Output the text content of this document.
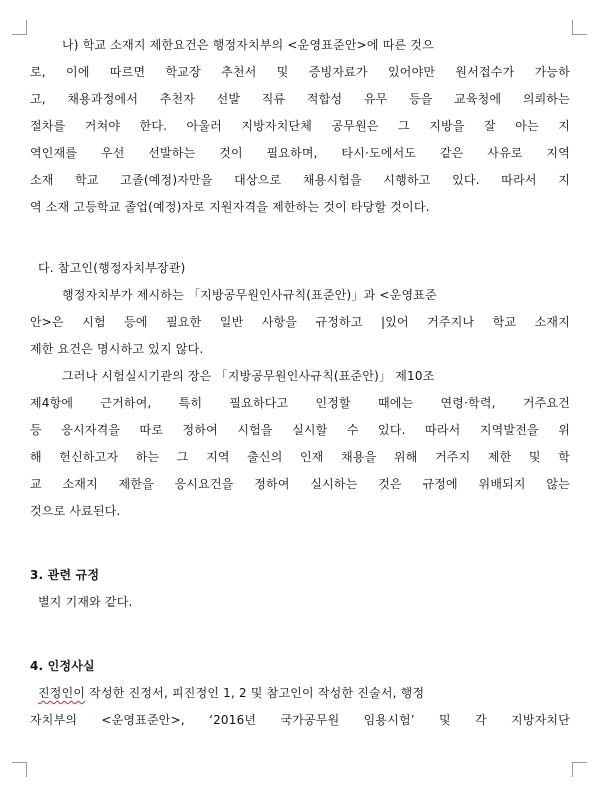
나) 학교 소재지 제한요건은 행정자치부의 <운영표준안>에 따른 것으
로, 이에 따르면 학교장 추천서 및 증빙자료가 있어야만 원서접수가 가능하
고, 채용과정에서 추천자 선발 직류 적합성 유무 등을 교육청에 의뢰하는
절차를 거쳐야 한다. 아울러 지방자치단체 공무원은 그 지방을 잘 아는 지
역인재를 우선 선발하는 것이 필요하며, 타시·도에서도 같은 사유로 지역
소재 학교 고졸(예정)자만을 대상으로 채용시험을 시행하고 있다. 따라서 지
역 소재 고등학교 졸업(예정)자로 지원자격을 제한하는 것이 타당할 것이다.
다. 참고인(행정자치부장관)
행정자치부가 제시하는 「지방공무원인사규칙(표준안)」과 <운영표준
안>은 시험 등에 필요한 일반 사항을 규정하고 |있어 거주지나 학교 소재지
제한 요건은 명시하고 있지 않다.
그러나 시험실시기관의 장은 「지방공무원인사규칙(표준안)」 제10조
제4항에 근거하여, 특히 필요하다고 인정할 때에는 연령·학력, 거주요건
등 응시자격을 따로 정하여 시험을 실시할 수 있다. 따라서 지역발전을 위
해 헌신하고자 하는 그 지역 출신의 인재 채용을 위해 거주지 제한 및 학
교 소재지 제한을 응시요건을 정하여 실시하는 것은 규정에 위배되지 않는
것으로 사료된다.
3. 관련 규정
별지 기재와 같다.
4. 인정사실
진정인이 작성한 진정서, 피진정인 1, 2 및 참고인이 작성한 진술서, 행정
자치부의 <운영표준안>, ‘2016년 국가공무원 임용시험’ 및 각 지방자치단
